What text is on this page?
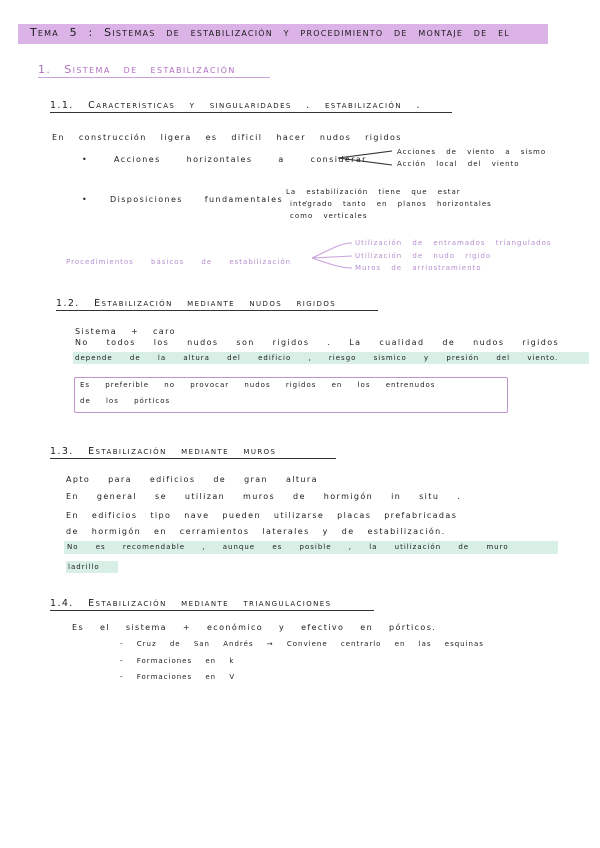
Tema 5 : Sistemas de estabilización y procedimiento de montaje de el
1. Sistema de estabilización
1.1. Características y singularidades . estabilización .
En construcción ligera es dificil hacer nudos rigidos
• Acciones horizontales a considerar
Acciones de viento a sismo
Acción local del viento
• Disposiciones fundamentales .
La estabilización tiene que estar
integrado tanto en planos horizontales
como verticales
Procedimientos básicos de estabilización
Utilización de entramados triangulados
Utilización de nudo rigido
Muros de arriostramiento
1.2. Estabilización mediante nudos rigidos
Sistema + caro
No todos los nudos son rigidos . La cualidad de nudos rigidos
depende de la altura del edificio , riesgo sismico y presión del viento.
Es preferible no provocar nudos rigidos en los entrenudos
de los pórticos
1.3. Estabilización mediante muros
Apto para edificios de gran altura
En general se utilizan muros de hormigón in situ .
En edificios tipo nave pueden utilizarse placas prefabricadas
de hormigón en cerramientos laterales y de estabilización.
No es recomendable , aunque es posible , la utilización de muro
ladrillo
1.4. Estabilización mediante triangulaciones
Es el sistema + económico y efectivo en pórticos.
- Cruz de San Andrés → Conviene centrarlo en las esquinas
- Formaciones en k
- Formaciones en V
